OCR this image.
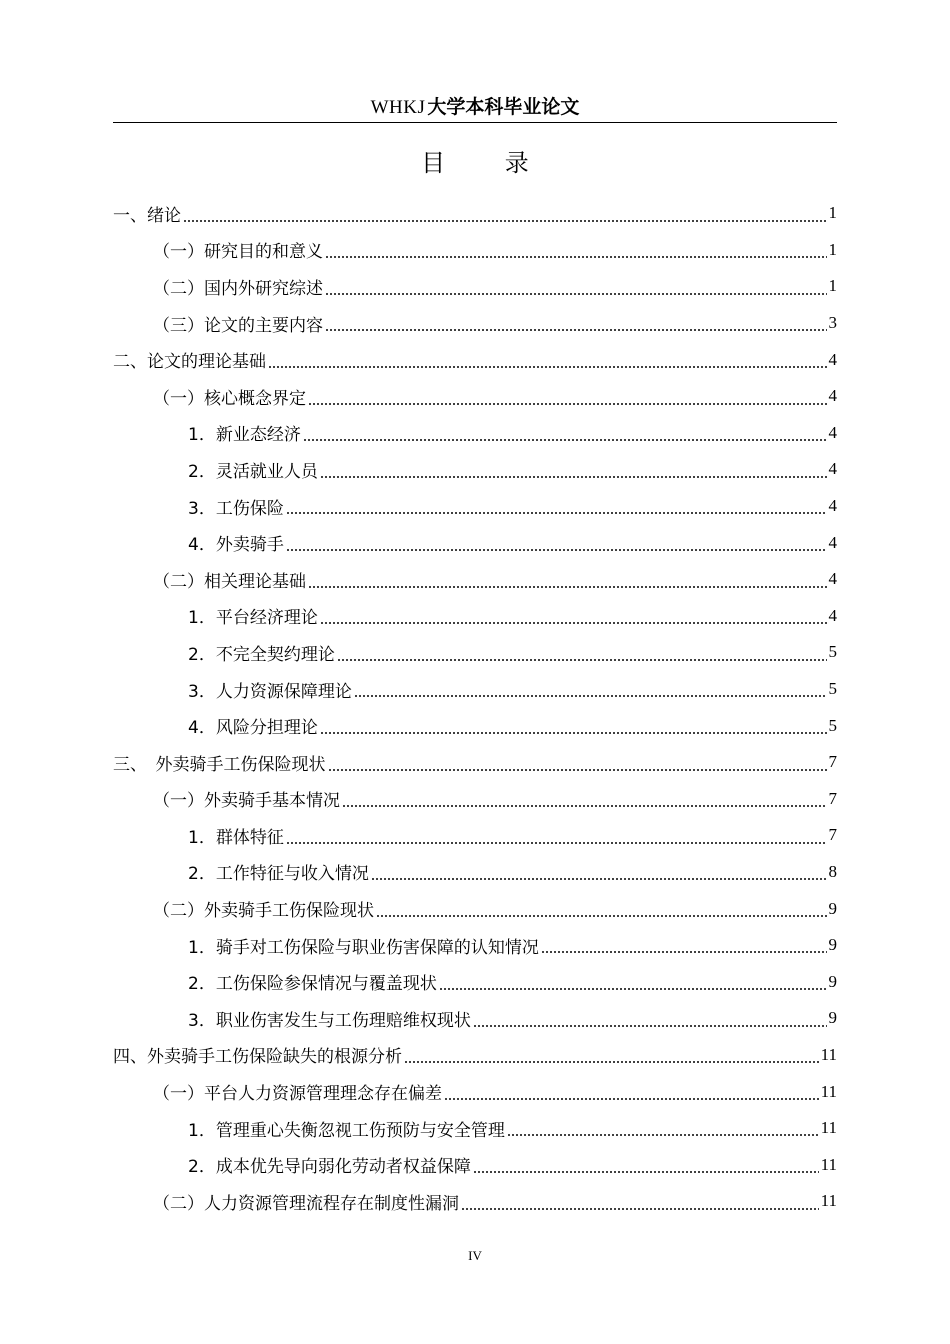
WHKJ 大学本科毕业论文
目 录
一、绪论	1
（一）研究目的和意义	1
（二）国内外研究综述	1
（三）论文的主要内容	3
二、论文的理论基础	4
（一）核心概念界定	4
1．新业态经济	4
2．灵活就业人员	4
3．工伤保险	4
4．外卖骑手	4
（二）相关理论基础	4
1．平台经济理论	4
2．不完全契约理论	5
3．人力资源保障理论	5
4．风险分担理论	5
三、　外卖骑手工伤保险现状	7
（一）外卖骑手基本情况	7
1．群体特征	7
2．工作特征与收入情况	8
（二）外卖骑手工伤保险现状	9
1．骑手对工伤保险与职业伤害保障的认知情况	9
2．工伤保险参保情况与覆盖现状	9
3．职业伤害发生与工伤理赔维权现状	9
四、外卖骑手工伤保险缺失的根源分析	11
（一）平台人力资源管理理念存在偏差	11
1．管理重心失衡忽视工伤预防与安全管理	11
2．成本优先导向弱化劳动者权益保障	11
（二）人力资源管理流程存在制度性漏洞	11
IV
